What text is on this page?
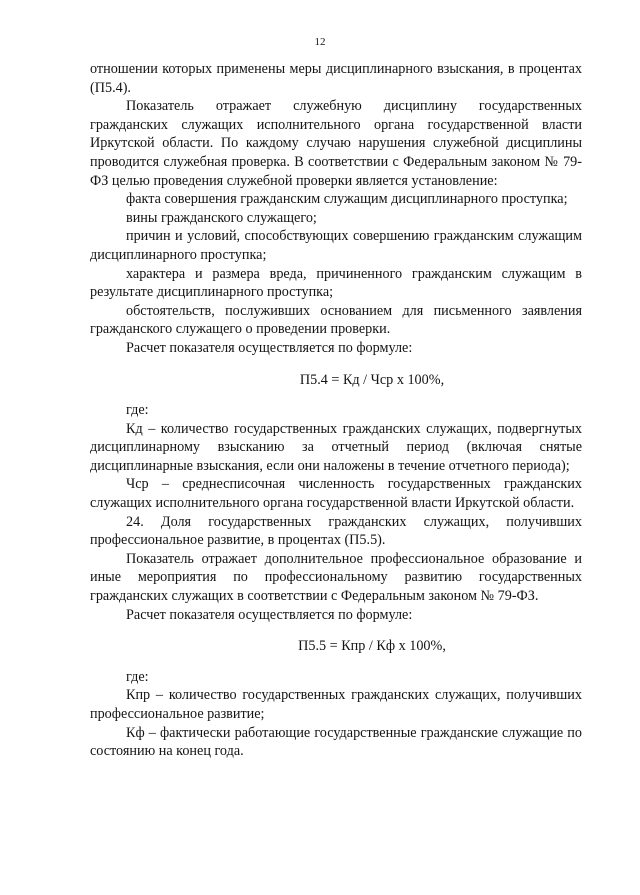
12

отношении которых применены меры дисциплинарного взыскания, в процентах (П5.4).

Показатель отражает служебную дисциплину государственных гражданских служащих исполнительного органа государственной власти Иркутской области. По каждому случаю нарушения служебной дисциплины проводится служебная проверка. В соответствии с Федеральным законом № 79-ФЗ целью проведения служебной проверки является установление:

факта совершения гражданским служащим дисциплинарного проступка;

вины гражданского служащего;

причин и условий, способствующих совершению гражданским служащим дисциплинарного проступка;

характера и размера вреда, причиненного гражданским служащим в результате дисциплинарного проступка;

обстоятельств, послуживших основанием для письменного заявления гражданского служащего о проведении проверки.

Расчет показателя осуществляется по формуле:

П5.4 = Кд / Чср х 100%,

где:

Кд – количество государственных гражданских служащих, подвергнутых дисциплинарному взысканию за отчетный период (включая снятые дисциплинарные взыскания, если они наложены в течение отчетного периода);

Чср – среднесписочная численность государственных гражданских служащих исполнительного органа государственной власти Иркутской области.

24. Доля государственных гражданских служащих, получивших профессиональное развитие, в процентах (П5.5).

Показатель отражает дополнительное профессиональное образование и иные мероприятия по профессиональному развитию государственных гражданских служащих в соответствии с Федеральным законом № 79-ФЗ.

Расчет показателя осуществляется по формуле:

П5.5 = Кпр / Кф х 100%,

где:

Кпр – количество государственных гражданских служащих, получивших профессиональное развитие;

Кф – фактически работающие государственные гражданские служащие по состоянию на конец года.
